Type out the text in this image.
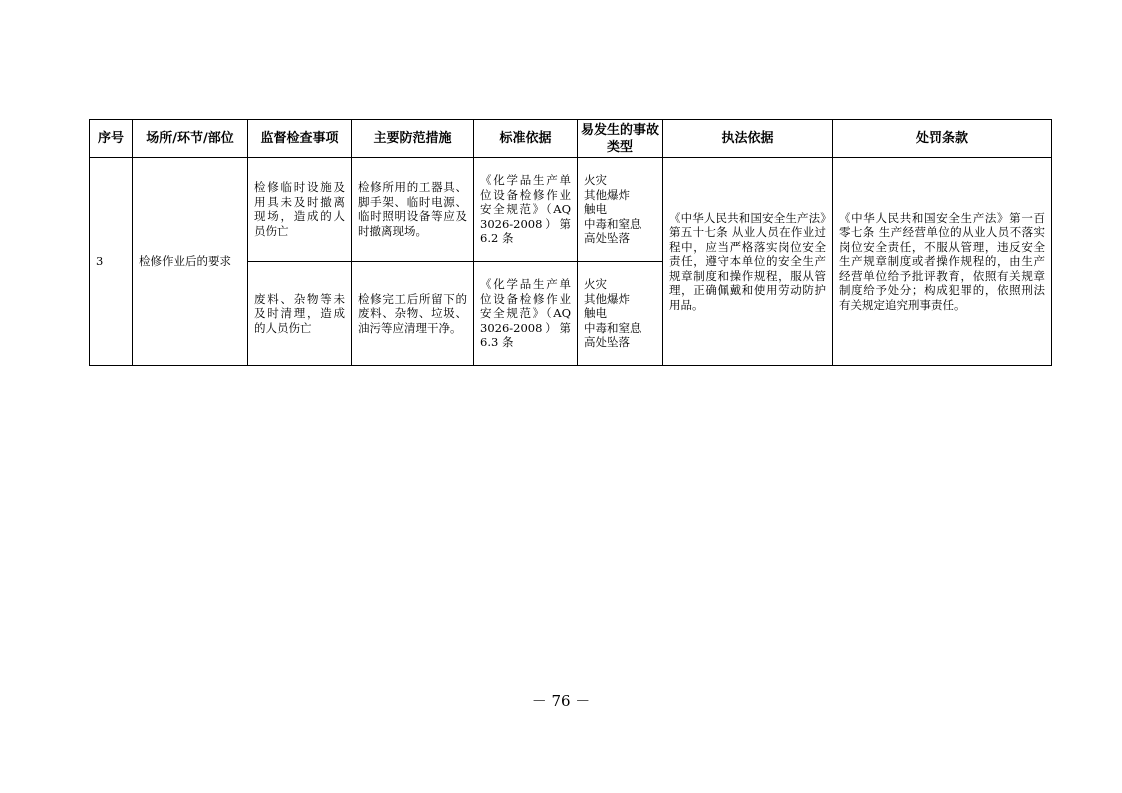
序号	场所/环节/部位	监督检查事项	主要防范措施	标准依据	易发生的事故类型	执法依据	处罚条款

3	检修作业后的要求	检修临时设施及用具未及时撤离现场，造成的人员伤亡	检修所用的工器具、脚手架、临时电源、临时照明设备等应及时撤离现场。	《化学品生产单位设备检修作业安全规范》（AQ 3026-2008）第 6.2 条	火灾
其他爆炸
触电
中毒和窒息
高处坠落	《中华人民共和国安全生产法》第五十七条 从业人员在作业过程中，应当严格落实岗位安全责任，遵守本单位的安全生产规章制度和操作规程，服从管理，正确佩戴和使用劳动防护用品。	《中华人民共和国安全生产法》第一百零七条 生产经营单位的从业人员不落实岗位安全责任，不服从管理，违反安全生产规章制度或者操作规程的，由生产经营单位给予批评教育，依照有关规章制度给予处分；构成犯罪的，依照刑法有关规定追究刑事责任。

		废料、杂物等未及时清理，造成的人员伤亡	检修完工后所留下的废料、杂物、垃圾、油污等应清理干净。	《化学品生产单位设备检修作业安全规范》（AQ 3026-2008）第 6.3 条	火灾
其他爆炸
触电
中毒和窒息
高处坠落		
－ 76 －
